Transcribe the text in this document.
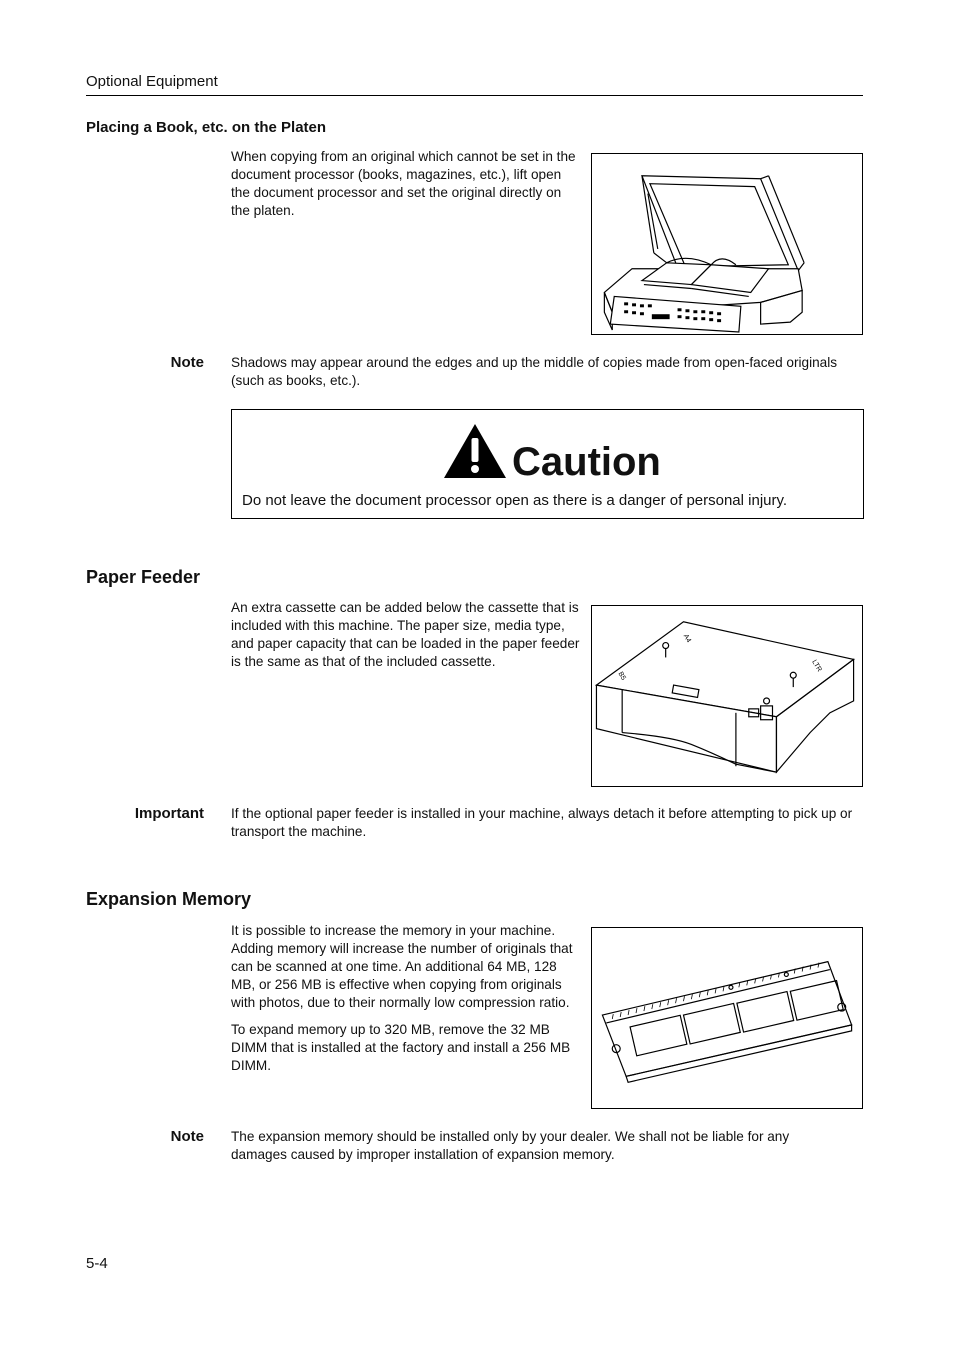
Optional Equipment
Placing a Book, etc. on the Platen
When copying from an original which cannot be set in the document processor (books, magazines, etc.), lift open the document processor and set the original directly on the platen.
Note Shadows may appear around the edges and up the middle of copies made from open-faced originals (such as books, etc.).
Caution
Do not leave the document processor open as there is a danger of personal injury.
Paper Feeder
An extra cassette can be added below the cassette that is included with this machine. The paper size, media type, and paper capacity that can be loaded in the paper feeder is the same as that of the included cassette.
A4
LTR
B5
Important If the optional paper feeder is installed in your machine, always detach it before attempting to pick up or transport the machine.
Expansion Memory

It is possible to increase the memory in your machine. Adding memory will increase the number of originals that can be scanned at one time. An additional 64 MB, 128 MB, or 256 MB is effective when copying from originals with photos, due to their normally low compression ratio.

To expand memory up to 320 MB, remove the 32 MB DIMM that is installed at the factory and install a 256 MB DIMM.

Note The expansion memory should be installed only by your dealer. We shall not be liable for any damages caused by improper installation of expansion memory.
5-4
